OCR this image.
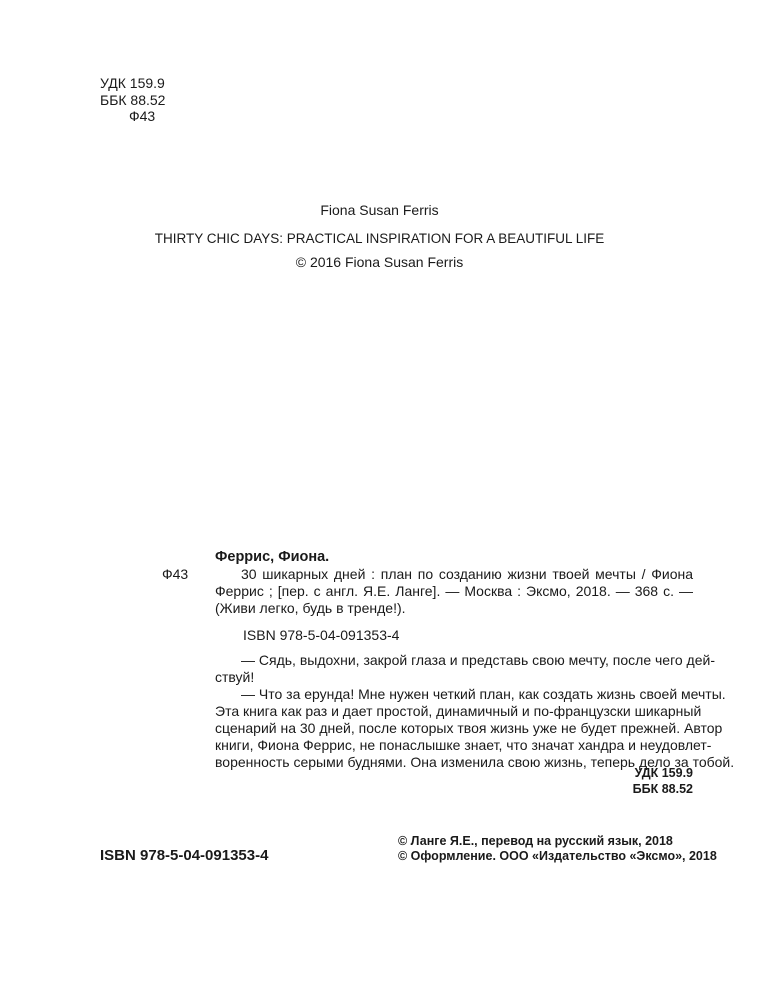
УДК 159.9
ББК 88.52
Ф43
Fiona Susan Ferris
THIRTY CHIC DAYS: PRACTICAL INSPIRATION FOR A BEAUTIFUL LIFE
© 2016 Fiona Susan Ferris
Феррис, Фиона.
Ф43	30 шикарных дней : план по созданию жизни твоей мечты / Фиона
Феррис ; [пер. с англ. Я.Е. Ланге]. — Москва : Эксмо, 2018. — 368 с. —
(Живи легко, будь в тренде!).
ISBN 978-5-04-091353-4
— Сядь, выдохни, закрой глаза и представь свою мечту, после чего дей-
ствуй!
— Что за ерунда! Мне нужен четкий план, как создать жизнь своей мечты.
Эта книга как раз и дает простой, динамичный и по-французски шикарный
сценарий на 30 дней, после которых твоя жизнь уже не будет прежней. Автор
книги, Фиона Феррис, не понаслышке знает, что значат хандра и неудовлет-
воренность серыми буднями. Она изменила свою жизнь, теперь дело за тобой.
УДК 159.9
ББК 88.52
ISBN 978-5-04-091353-4
© Ланге Я.Е., перевод на русский язык, 2018
© Оформление. ООО «Издательство «Эксмо», 2018
